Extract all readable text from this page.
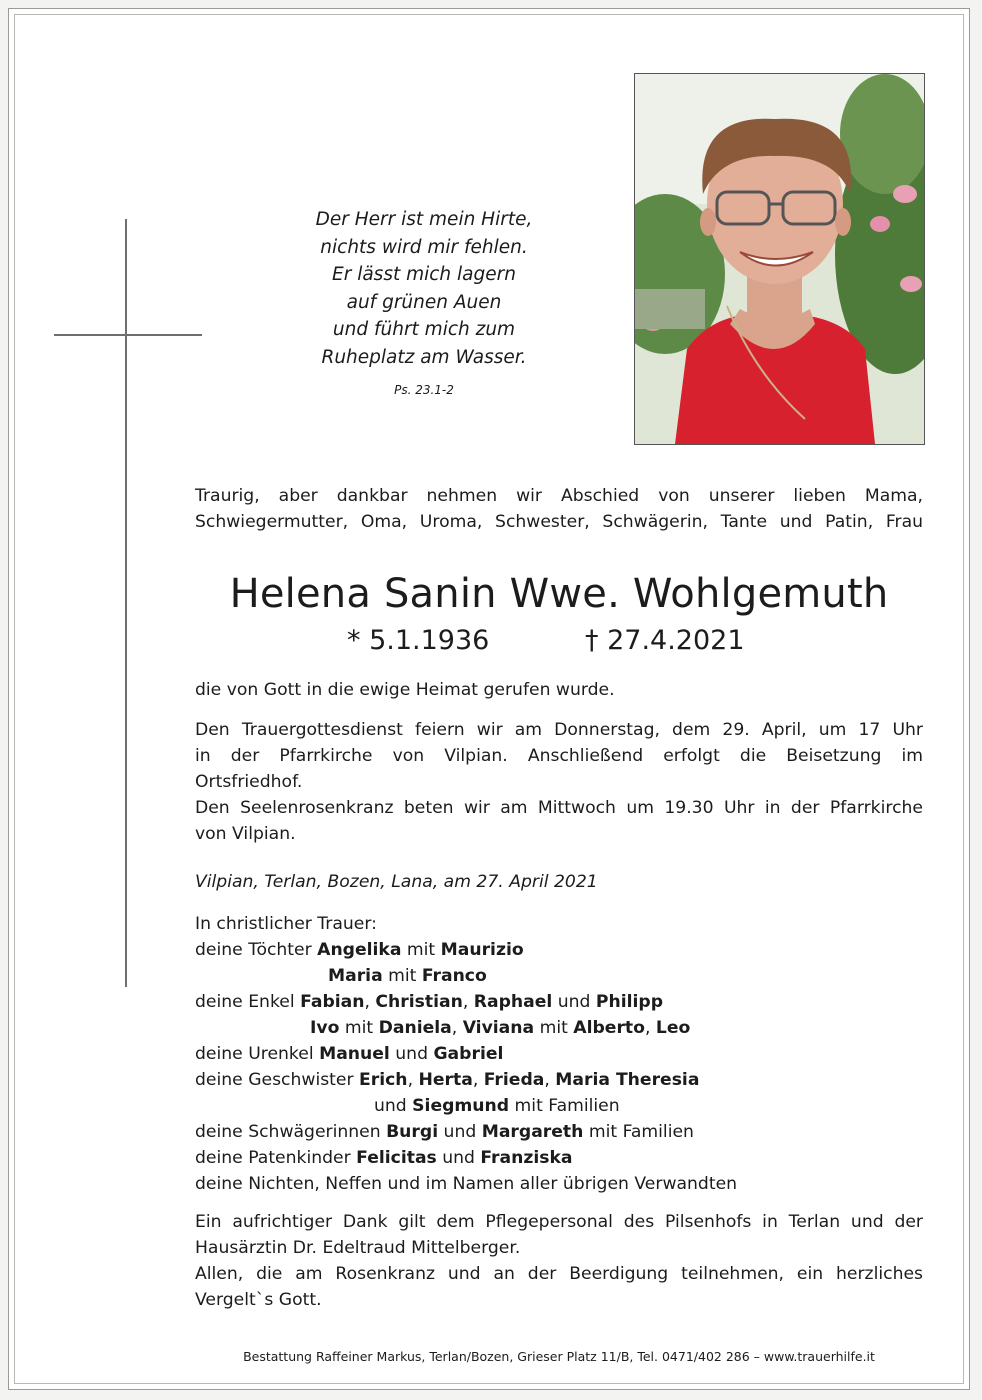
Der Herr ist mein Hirte,
nichts wird mir fehlen.
Er lässt mich lagern
auf grünen Auen
und führt mich zum
Ruheplatz am Wasser.
Ps. 23.1-2
Traurig, aber dankbar nehmen wir Abschied von unserer lieben Mama,
Schwiegermutter, Oma, Uroma, Schwester, Schwägerin, Tante und Patin, Frau
Helena Sanin Wwe. Wohlgemuth
* 5.1.1936	† 27.4.2021
die von Gott in die ewige Heimat gerufen wurde.
Den Trauergottesdienst feiern wir am Donnerstag, dem 29. April, um 17 Uhr
in der Pfarrkirche von Vilpian. Anschließend erfolgt die Beisetzung im
Ortsfriedhof.
Den Seelenrosenkranz beten wir am Mittwoch um 19.30 Uhr in der Pfarrkirche
von Vilpian.
Vilpian, Terlan, Bozen, Lana, am 27. April 2021
In christlicher Trauer:
deine Töchter Angelika mit Maurizio
Maria mit Franco
deine Enkel Fabian, Christian, Raphael und Philipp
Ivo mit Daniela, Viviana mit Alberto, Leo
deine Urenkel Manuel und Gabriel
deine Geschwister Erich, Herta, Frieda, Maria Theresia
und Siegmund mit Familien
deine Schwägerinnen Burgi und Margareth mit Familien
deine Patenkinder Felicitas und Franziska
deine Nichten, Neffen und im Namen aller übrigen Verwandten
Ein aufrichtiger Dank gilt dem Pflegepersonal des Pilsenhofs in Terlan und der
Hausärztin Dr. Edeltraud Mittelberger.
Allen, die am Rosenkranz und an der Beerdigung teilnehmen, ein herzliches
Vergelt`s Gott.
Bestattung Raffeiner Markus, Terlan/Bozen, Grieser Platz 11/B, Tel. 0471/402 286 – www.trauerhilfe.it
